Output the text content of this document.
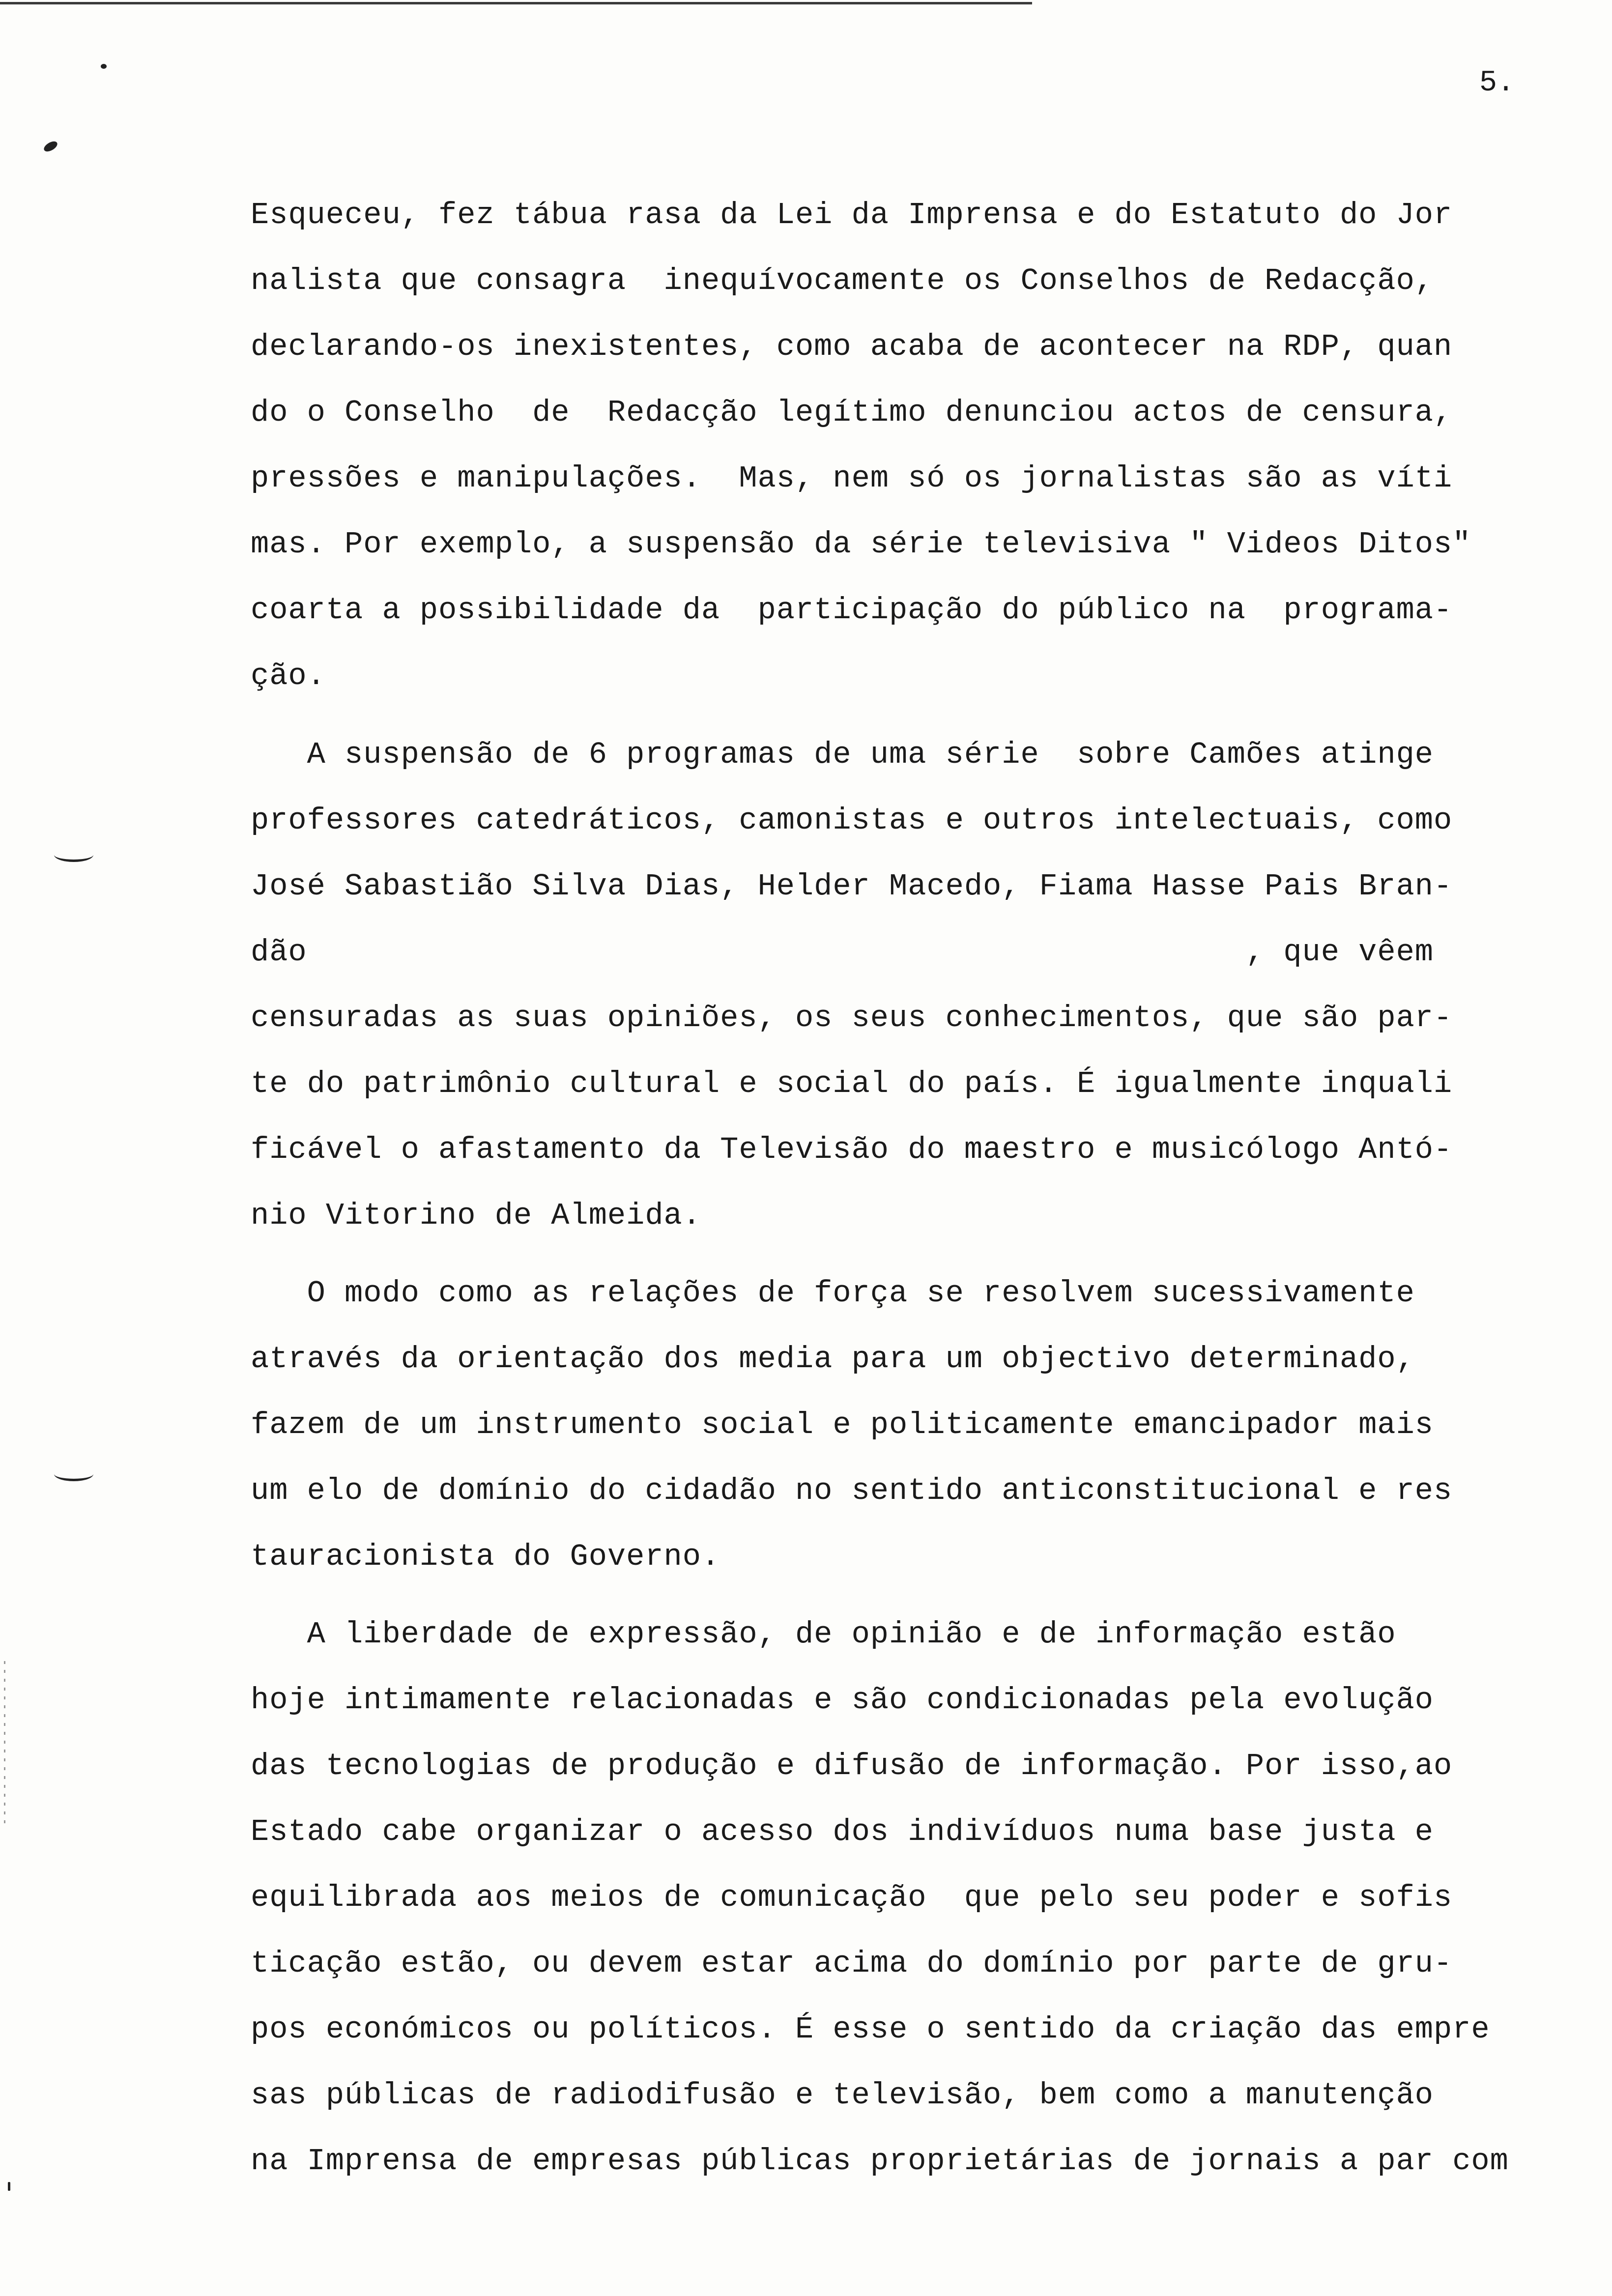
5.
Esqueceu, fez tábua rasa da Lei da Imprensa e do Estatuto do Jor
nalista que consagra  inequívocamente os Conselhos de Redacção,
declarando-os inexistentes, como acaba de acontecer na RDP, quan
do o Conselho  de  Redacção legítimo denunciou actos de censura,
pressões e manipulações.  Mas, nem só os jornalistas são as víti
mas. Por exemplo, a suspensão da série televisiva " Videos Ditos"
coarta a possibilidade da  participação do público na  programa-
ção.
A suspensão de 6 programas de uma série  sobre Camões atinge
professores catedráticos, camonistas e outros intelectuais, como
José Sabastião Silva Dias, Helder Macedo, Fiama Hasse Pais Bran-
dão                                                  , que vêem
censuradas as suas opiniões, os seus conhecimentos, que são par-
te do patrimônio cultural e social do país. É igualmente inquali
ficável o afastamento da Televisão do maestro e musicólogo Antó-
nio Vitorino de Almeida.
O modo como as relações de força se resolvem sucessivamente
através da orientação dos media para um objectivo determinado,
fazem de um instrumento social e politicamente emancipador mais
um elo de domínio do cidadão no sentido anticonstitucional e res
tauracionista do Governo.
A liberdade de expressão, de opinião e de informação estão
hoje intimamente relacionadas e são condicionadas pela evolução
das tecnologias de produção e difusão de informação. Por isso,ao
Estado cabe organizar o acesso dos indivíduos numa base justa e
equilibrada aos meios de comunicação  que pelo seu poder e sofis
ticação estão, ou devem estar acima do domínio por parte de gru-
pos económicos ou políticos. É esse o sentido da criação das empre
sas públicas de radiodifusão e televisão, bem como a manutenção
na Imprensa de empresas públicas proprietárias de jornais a par com
